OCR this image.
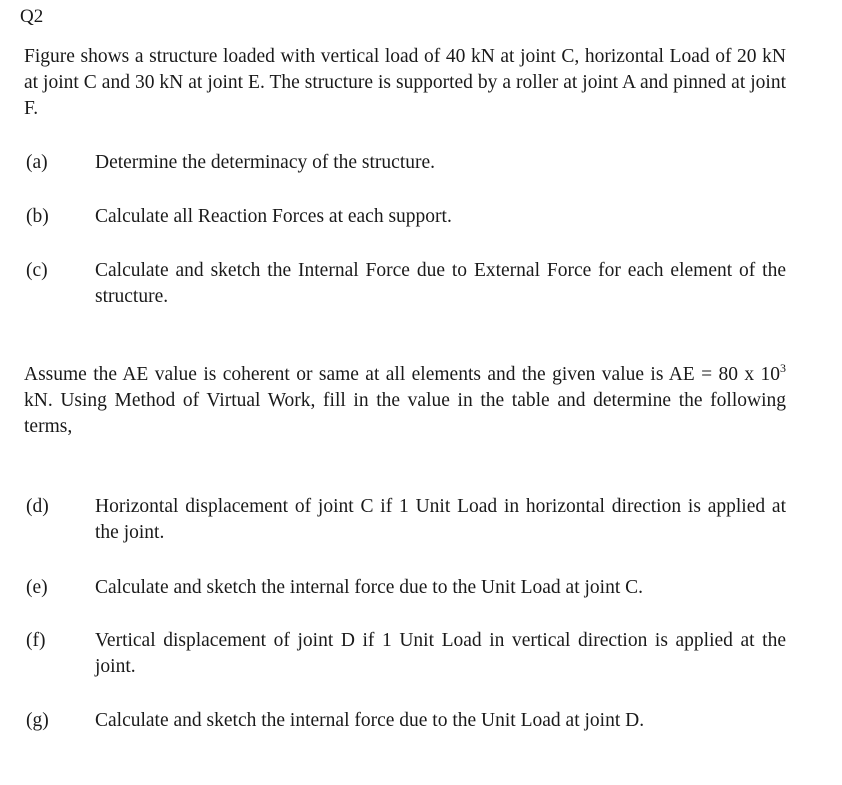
Q2
Figure shows a structure loaded with vertical load of 40 kN at joint C, horizontal Load of 20 kN at joint C and 30 kN at joint E. The structure is supported by a roller at joint A and pinned at joint F.
(a) Determine the determinacy of the structure.
(b) Calculate all Reaction Forces at each support.
(c) Calculate and sketch the Internal Force due to External Force for each element of the structure.
Assume the AE value is coherent or same at all elements and the given value is AE = 80 x $10^3$ kN. Using Method of Virtual Work, fill in the value in the table and determine the following terms,
(d) Horizontal displacement of joint C if 1 Unit Load in horizontal direction is applied at the joint.
(e) Calculate and sketch the internal force due to the Unit Load at joint C.
(f)	Vertical displacement of joint D if 1 Unit Load in vertical direction is applied at the joint.
(g) Calculate and sketch the internal force due to the Unit Load at joint D.
